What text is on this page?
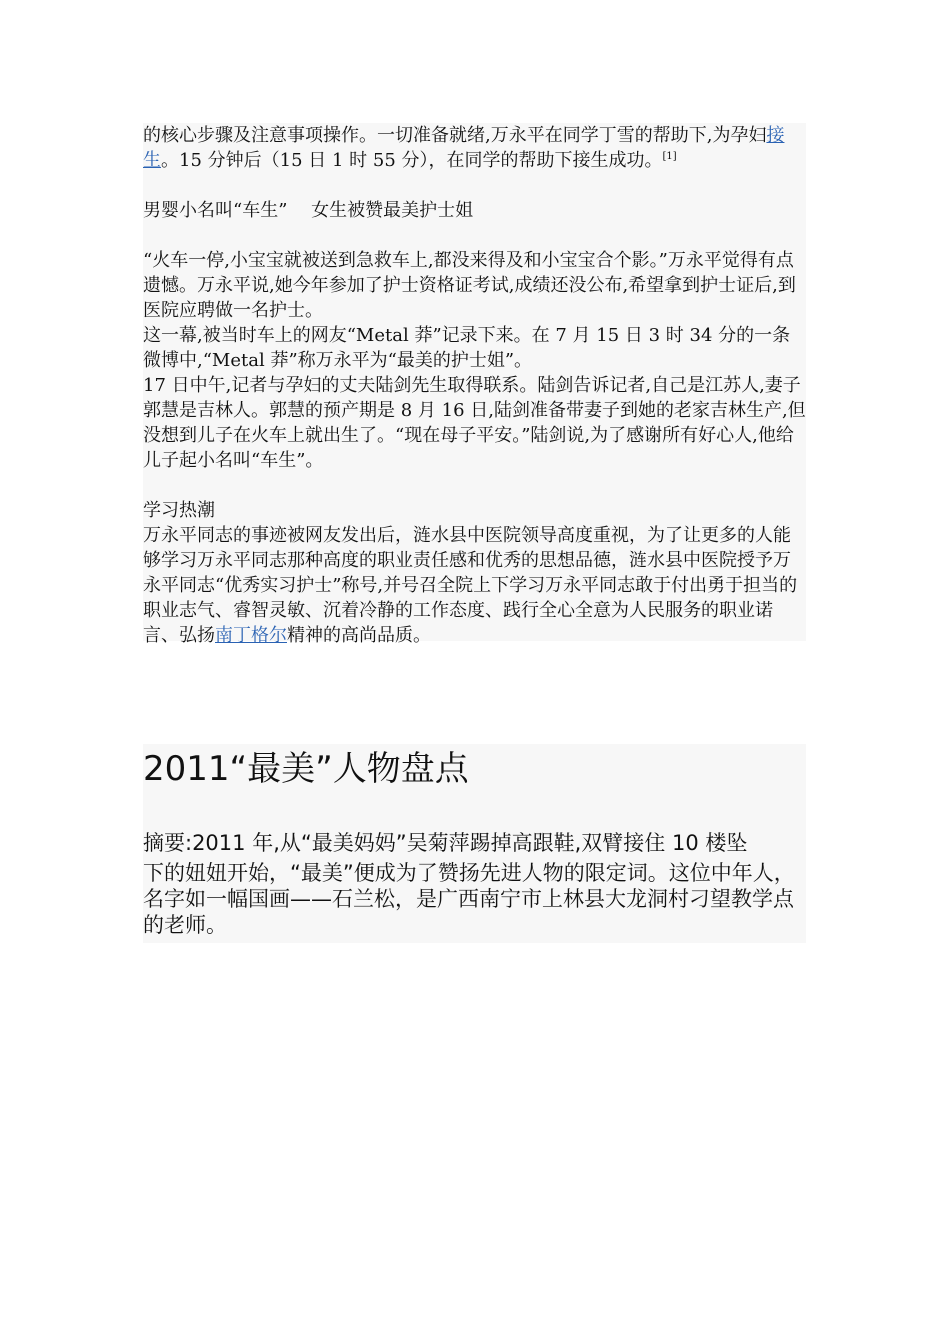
的核心步骤及注意事项操作。一切准备就绪,万永平在同学丁雪的帮助下,为孕妇接生。15 分钟后（15 日 1 时 55 分），在同学的帮助下接生成功。[1]

男婴小名叫“车生”　 女生被赞最美护士姐

“火车一停,小宝宝就被送到急救车上,都没来得及和小宝宝合个影。”万永平觉得有点遗憾。万永平说,她今年参加了护士资格证考试,成绩还没公布,希望拿到护士证后,到医院应聘做一名护士。

这一幕,被当时车上的网友“Metal 莽”记录下来。在 7 月 15 日 3 时 34 分的一条微博中,“Metal 莽”称万永平为“最美的护士姐”。

17 日中午,记者与孕妇的丈夫陆剑先生取得联系。陆剑告诉记者,自己是江苏人,妻子郭慧是吉林人。郭慧的预产期是 8 月 16 日,陆剑准备带妻子到她的老家吉林生产,但没想到儿子在火车上就出生了。“现在母子平安。”陆剑说,为了感谢所有好心人,他给儿子起小名叫“车生”。

学习热潮

万永平同志的事迹被网友发出后，涟水县中医院领导高度重视，为了让更多的人能够学习万永平同志那种高度的职业责任感和优秀的思想品德，涟水县中医院授予万永平同志“优秀实习护士”称号,并号召全院上下学习万永平同志敢于付出勇于担当的职业志气、睿智灵敏、沉着冷静的工作态度、践行全心全意为人民服务的职业诺言、弘扬南丁格尔精神的高尚品质。

2011“最美”人物盘点

摘要:2011 年,从“最美妈妈”吴菊萍踢掉高跟鞋,双臂接住 10 楼坠
下的妞妞开始，“最美”便成为了赞扬先进人物的限定词。这位中年人，名字如一幅国画——石兰松，是广西南宁市上林县大龙洞村刁望教学点的老师。
